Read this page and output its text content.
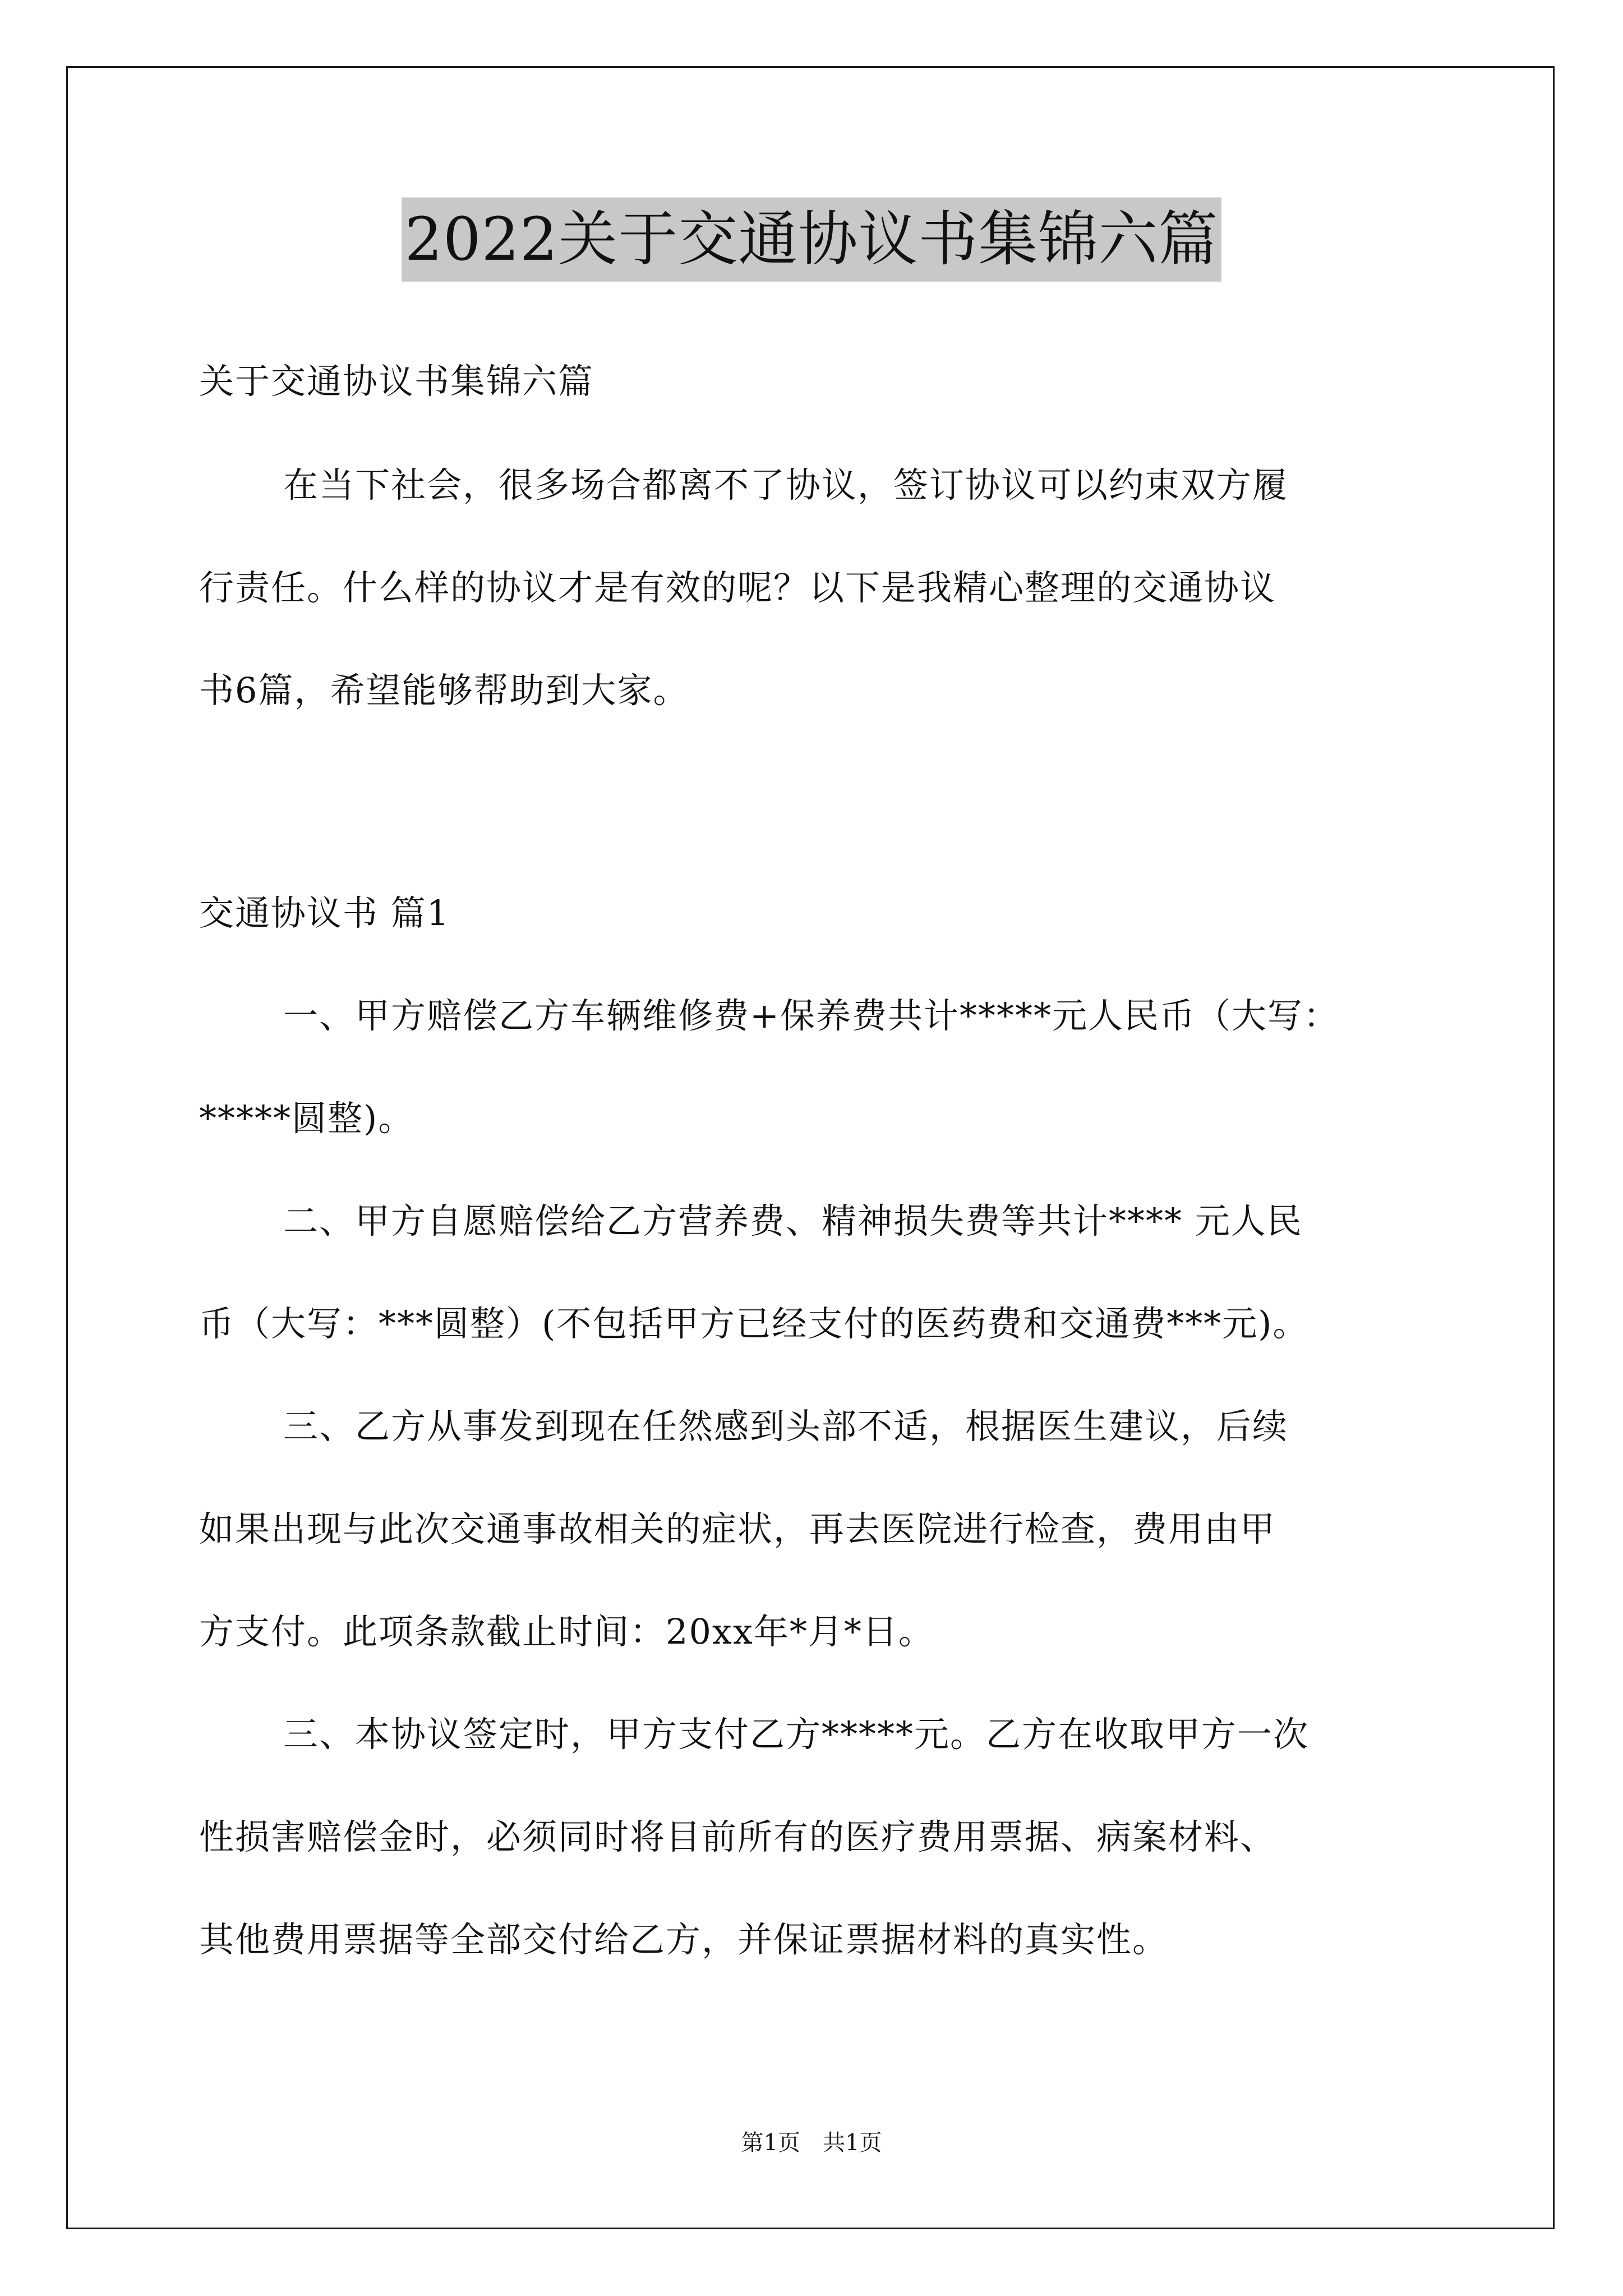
2022关于交通协议书集锦六篇
关于交通协议书集锦六篇
在当下社会，很多场合都离不了协议，签订协议可以约束双方履
行责任。什么样的协议才是有效的呢？以下是我精心整理的交通协议
书6篇，希望能够帮助到大家。
交通协议书 篇1
一、甲方赔偿乙方车辆维修费+保养费共计*****元人民币（大写：
*****圆整)。
二、甲方自愿赔偿给乙方营养费、精神损失费等共计**** 元人民
币（大写：***圆整）(不包括甲方已经支付的医药费和交通费***元)。
三、乙方从事发到现在任然感到头部不适，根据医生建议，后续
如果出现与此次交通事故相关的症状，再去医院进行检查，费用由甲
方支付。此项条款截止时间：20xx年*月*日。
三、本协议签定时，甲方支付乙方*****元。乙方在收取甲方一次
性损害赔偿金时，必须同时将目前所有的医疗费用票据、病案材料、
其他费用票据等全部交付给乙方，并保证票据材料的真实性。
第1页　共1页
